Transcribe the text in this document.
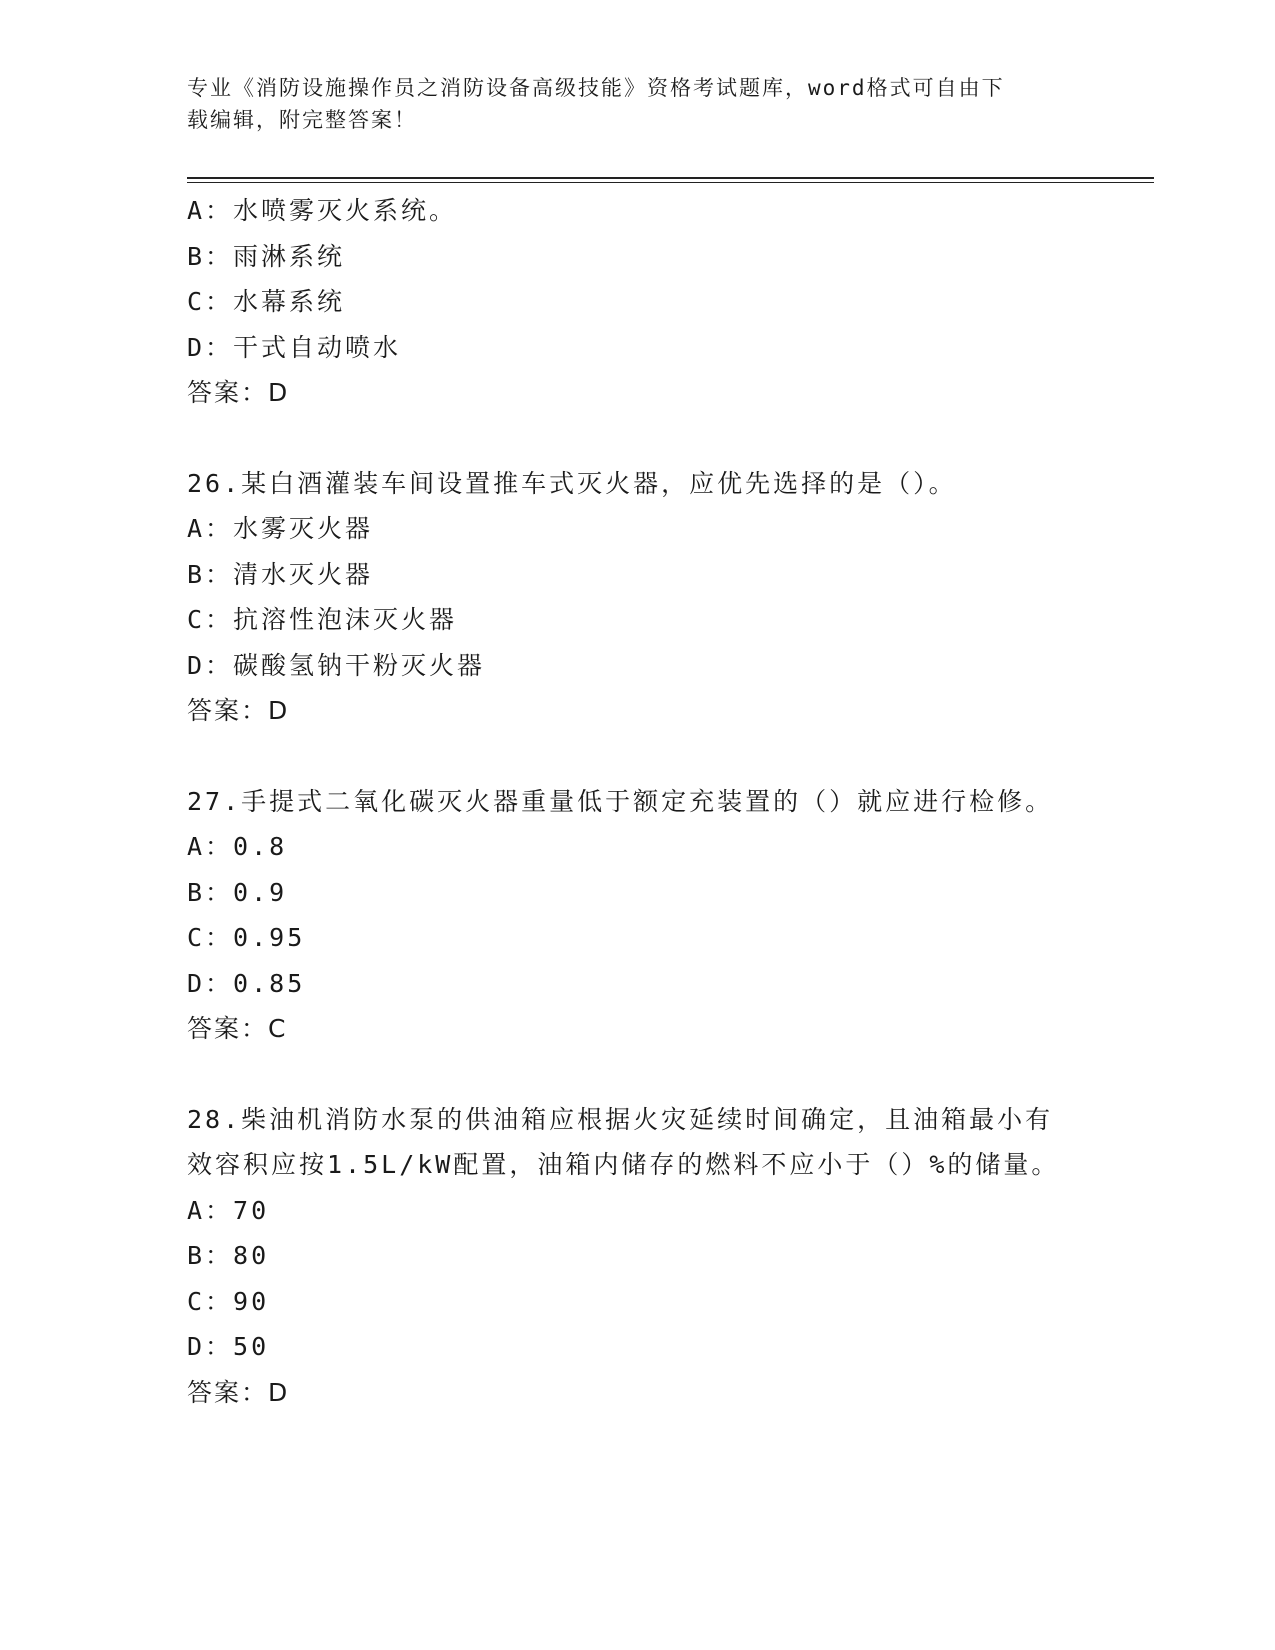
专业《消防设施操作员之消防设备高级技能》资格考试题库，word格式可自由下
载编辑，附完整答案！
A：水喷雾灭火系统。
B：雨淋系统
C：水幕系统
D：干式自动喷水
答案：D
26.某白酒灌装车间设置推车式灭火器，应优先选择的是（）。
A：水雾灭火器
B：清水灭火器
C：抗溶性泡沫灭火器
D：碳酸氢钠干粉灭火器
答案：D
27.手提式二氧化碳灭火器重量低于额定充装置的（）就应进行检修。
A：0.8
B：0.9
C：0.95
D：0.85
答案：C
28.柴油机消防水泵的供油箱应根据火灾延续时间确定，且油箱最小有
效容积应按1.5L/kW配置，油箱内储存的燃料不应小于（）%的储量。
A：70
B：80
C：90
D：50
答案：D
